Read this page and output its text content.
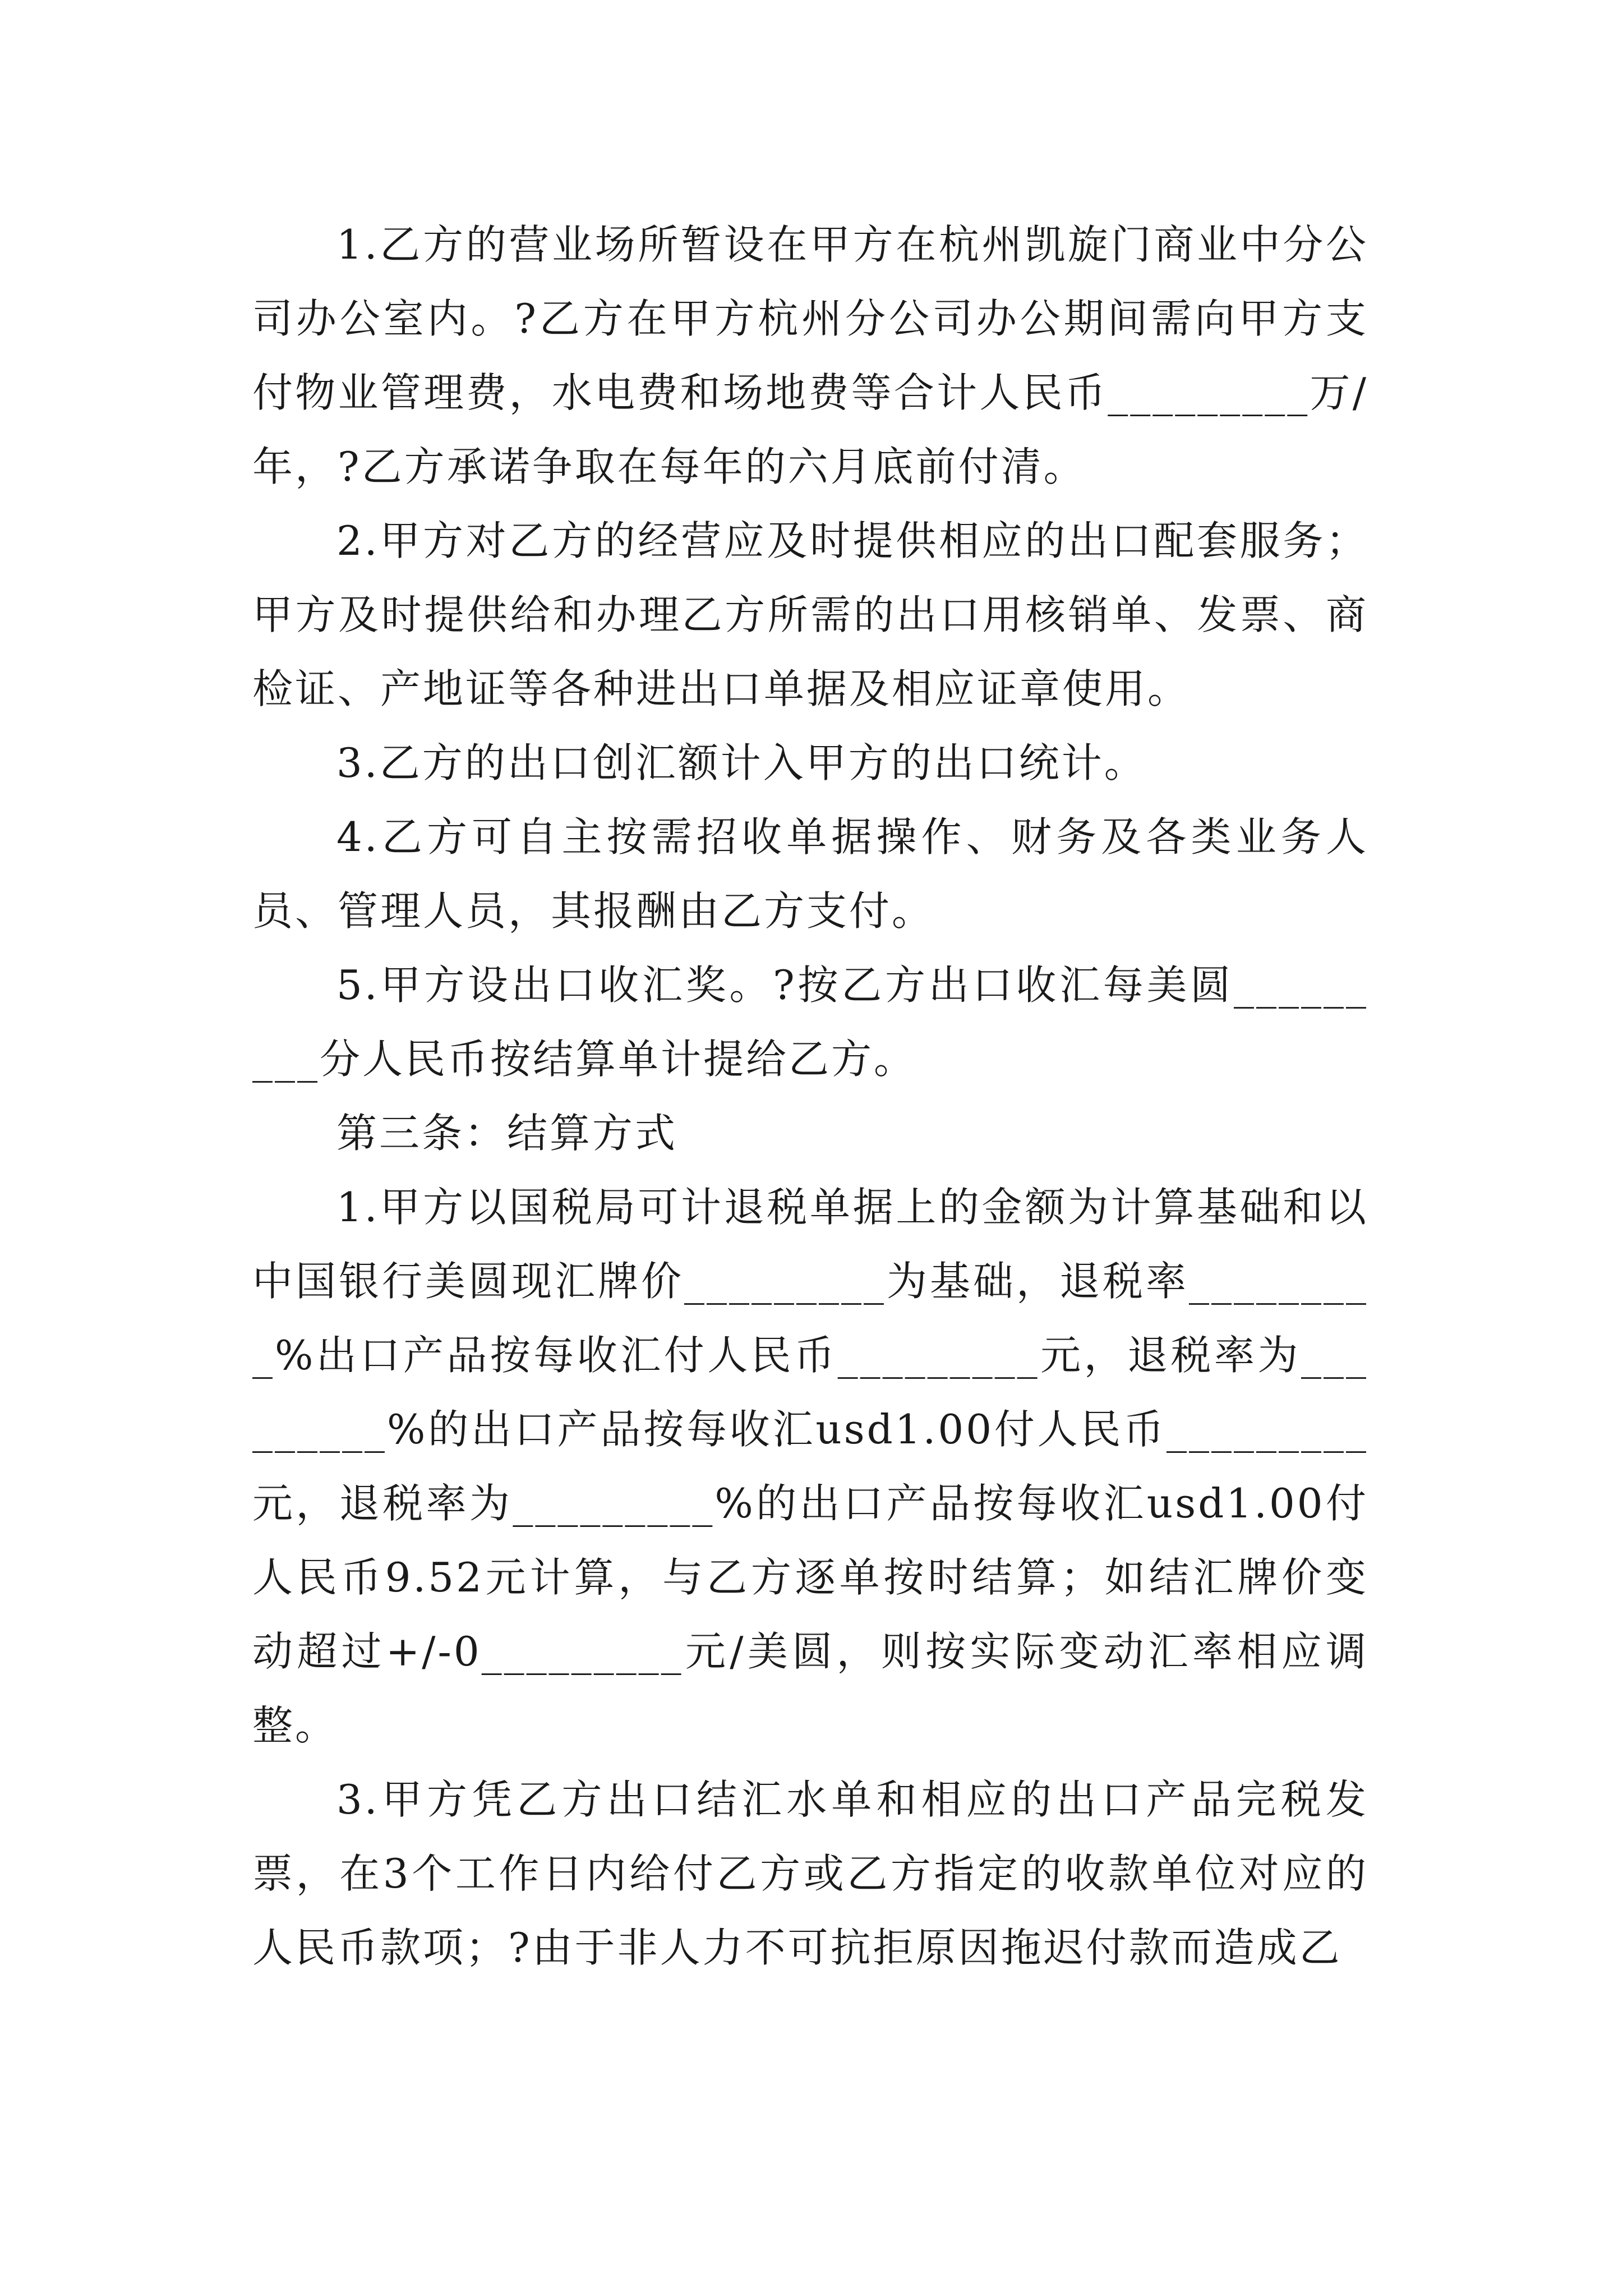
1.乙方的营业场所暂设在甲方在杭州凯旋门商业中分公司办公室内。?乙方在甲方杭州分公司办公期间需向甲方支付物业管理费，水电费和场地费等合计人民币_________万/年，?乙方承诺争取在每年的六月底前付清。

2.甲方对乙方的经营应及时提供相应的出口配套服务；甲方及时提供给和办理乙方所需的出口用核销单、发票、商检证、产地证等各种进出口单据及相应证章使用。

3.乙方的出口创汇额计入甲方的出口统计。

4.乙方可自主按需招收单据操作、财务及各类业务人员、管理人员，其报酬由乙方支付。

5.甲方设出口收汇奖。?按乙方出口收汇每美圆_________分人民币按结算单计提给乙方。

第三条：结算方式

1.甲方以国税局可计退税单据上的金额为计算基础和以中国银行美圆现汇牌价_________为基础，退税率_________%出口产品按每收汇付人民币_________元，退税率为_________%的出口产品按每收汇usd1.00付人民币_________元，退税率为_________%的出口产品按每收汇usd1.00付人民币9.52元计算，与乙方逐单按时结算；如结汇牌价变动超过+/-0_________元/美圆，则按实际变动汇率相应调整。

3.甲方凭乙方出口结汇水单和相应的出口产品完税发票，在3个工作日内给付乙方或乙方指定的收款单位对应的人民币款项；?由于非人力不可抗拒原因拖迟付款而造成乙
